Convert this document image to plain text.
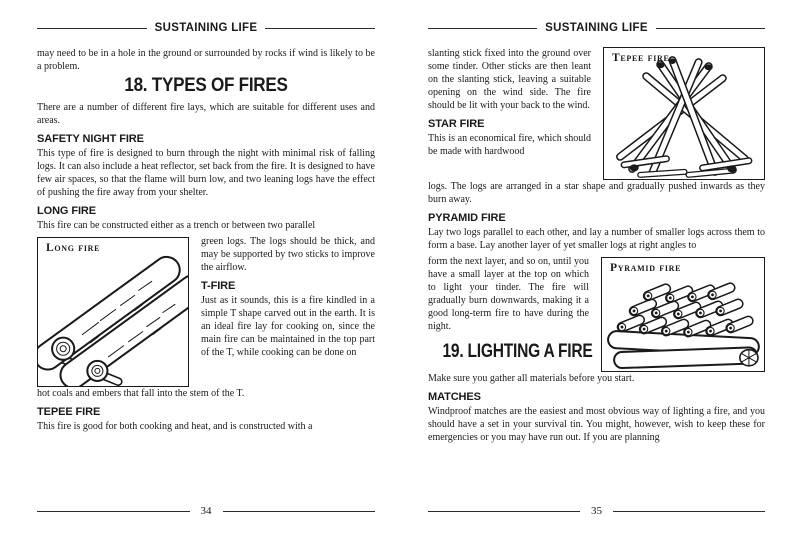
SUSTAINING LIFE

may need to be in a hole in the ground or surrounded by rocks if wind is likely to be a problem.

18. TYPES OF FIRES

There are a number of different fire lays, which are suitable for different uses and areas.

SAFETY NIGHT FIRE

This type of fire is designed to burn through the night with minimal risk of falling logs. It can also include a heat reflector, set back from the fire. It is designed to have few air spaces, so that the flame will burn low, and two leaning logs have the effect of pushing the fire away from your shelter.

LONG FIRE

This fire can be constructed either as a trench or between two parallel

Long fire

green logs. The logs should be thick, and may be supported by two sticks to improve the airflow.

T-FIRE

Just as it sounds, this is a fire kindled in a simple T shape carved out in the earth. It is an ideal fire lay for cooking on, since the main fire can be maintained in the top part of the T, while cooking can be done on

hot coals and embers that fall into the stem of the T.

TEPEE FIRE

This fire is good for both cooking and heat, and is constructed with a

34
SUSTAINING LIFE

slanting stick fixed into the ground over some tinder. Other sticks are then leant on the slanting stick, leaving a suitable opening on the wind side. The fire should be lit with your back to the wind.

STAR FIRE

This is an economical fire, which should be made with hardwood

Tepee fire

logs. The logs are arranged in a star shape and gradually pushed inwards as they burn away.

PYRAMID FIRE

Lay two logs parallel to each other, and lay a number of smaller logs across them to form a base. Lay another layer of yet smaller logs at right angles to

form the next layer, and so on, until you have a small layer at the top on which to light your tinder. The fire will gradually burn downwards, making it a good long-term fire to have during the night.

19. LIGHTING A FIRE
Pyramid fire

Make sure you gather all materials before you start.

MATCHES

Windproof matches are the easiest and most obvious way of lighting a fire, and you should have a set in your survival tin. You might, however, wish to keep these for emergencies or you may have run out. If you are planning

35
